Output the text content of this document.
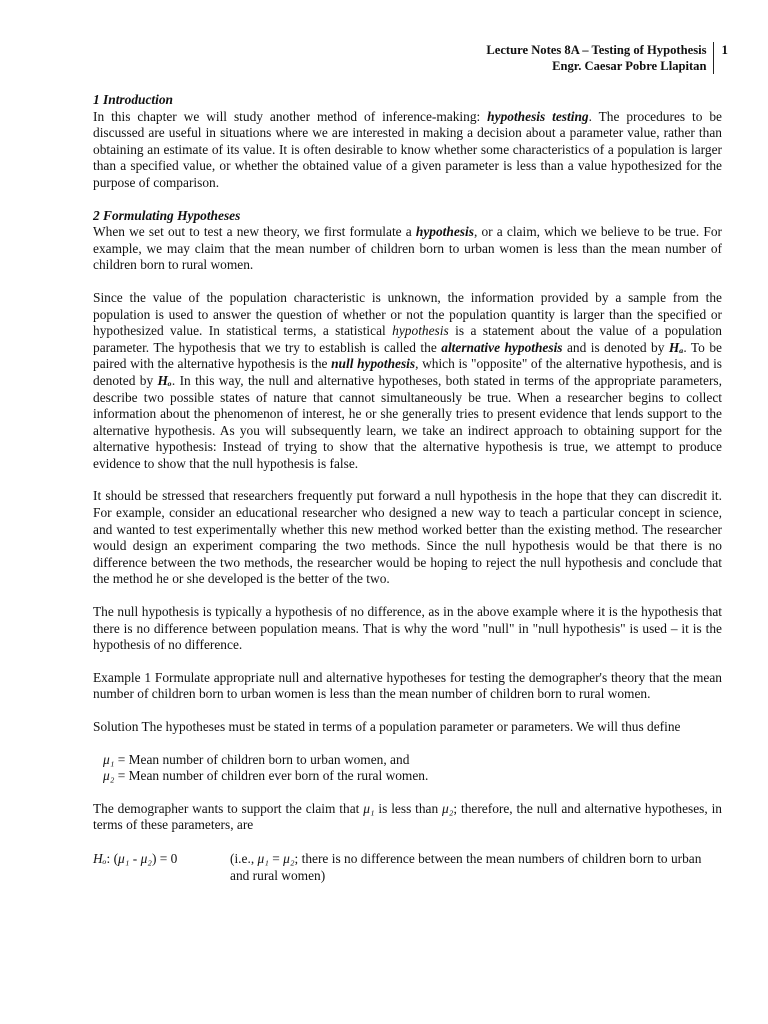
Lecture Notes 8A – Testing of Hypothesis
Engr. Caesar Pobre Llapitan
1
1 Introduction

In this chapter we will study another method of inference-making: hypothesis testing. The procedures to be discussed are useful in situations where we are interested in making a decision about a parameter value, rather than obtaining an estimate of its value. It is often desirable to know whether some characteristics of a population is larger than a specified value, or whether the obtained value of a given parameter is less than a value hypothesized for the purpose of comparison.

2 Formulating Hypotheses

When we set out to test a new theory, we first formulate a hypothesis, or a claim, which we believe to be true. For example, we may claim that the mean number of children born to urban women is less than the mean number of children born to rural women.

Since the value of the population characteristic is unknown, the information provided by a sample from the population is used to answer the question of whether or not the population quantity is larger than the specified or hypothesized value. In statistical terms, a statistical hypothesis is a statement about the value of a population parameter. The hypothesis that we try to establish is called the alternative hypothesis and is denoted by Hₐ. To be paired with the alternative hypothesis is the null hypothesis, which is "opposite" of the alternative hypothesis, and is denoted by Hₒ. In this way, the null and alternative hypotheses, both stated in terms of the appropriate parameters, describe two possible states of nature that cannot simultaneously be true. When a researcher begins to collect information about the phenomenon of interest, he or she generally tries to present evidence that lends support to the alternative hypothesis. As you will subsequently learn, we take an indirect approach to obtaining support for the alternative hypothesis: Instead of trying to show that the alternative hypothesis is true, we attempt to produce evidence to show that the null hypothesis is false.

It should be stressed that researchers frequently put forward a null hypothesis in the hope that they can discredit it. For example, consider an educational researcher who designed a new way to teach a particular concept in science, and wanted to test experimentally whether this new method worked better than the existing method. The researcher would design an experiment comparing the two methods. Since the null hypothesis would be that there is no difference between the two methods, the researcher would be hoping to reject the null hypothesis and conclude that the method he or she developed is the better of the two.

The null hypothesis is typically a hypothesis of no difference, as in the above example where it is the hypothesis that there is no difference between population means. That is why the word "null" in "null hypothesis" is used – it is the hypothesis of no difference.

Example 1 Formulate appropriate null and alternative hypotheses for testing the demographer's theory that the mean number of children born to urban women is less than the mean number of children born to rural women.

Solution The hypotheses must be stated in terms of a population parameter or parameters. We will thus define

μ₁ = Mean number of children born to urban women, and
μ₂ = Mean number of children ever born of the rural women.

The demographer wants to support the claim that μ₁ is less than μ₂; therefore, the null and alternative hypotheses, in terms of these parameters, are

Hₒ: (μ₁ - μ₂) = 0	(i.e., μ₁ = μ₂; there is no difference between the mean numbers of children born to urban and rural women)
